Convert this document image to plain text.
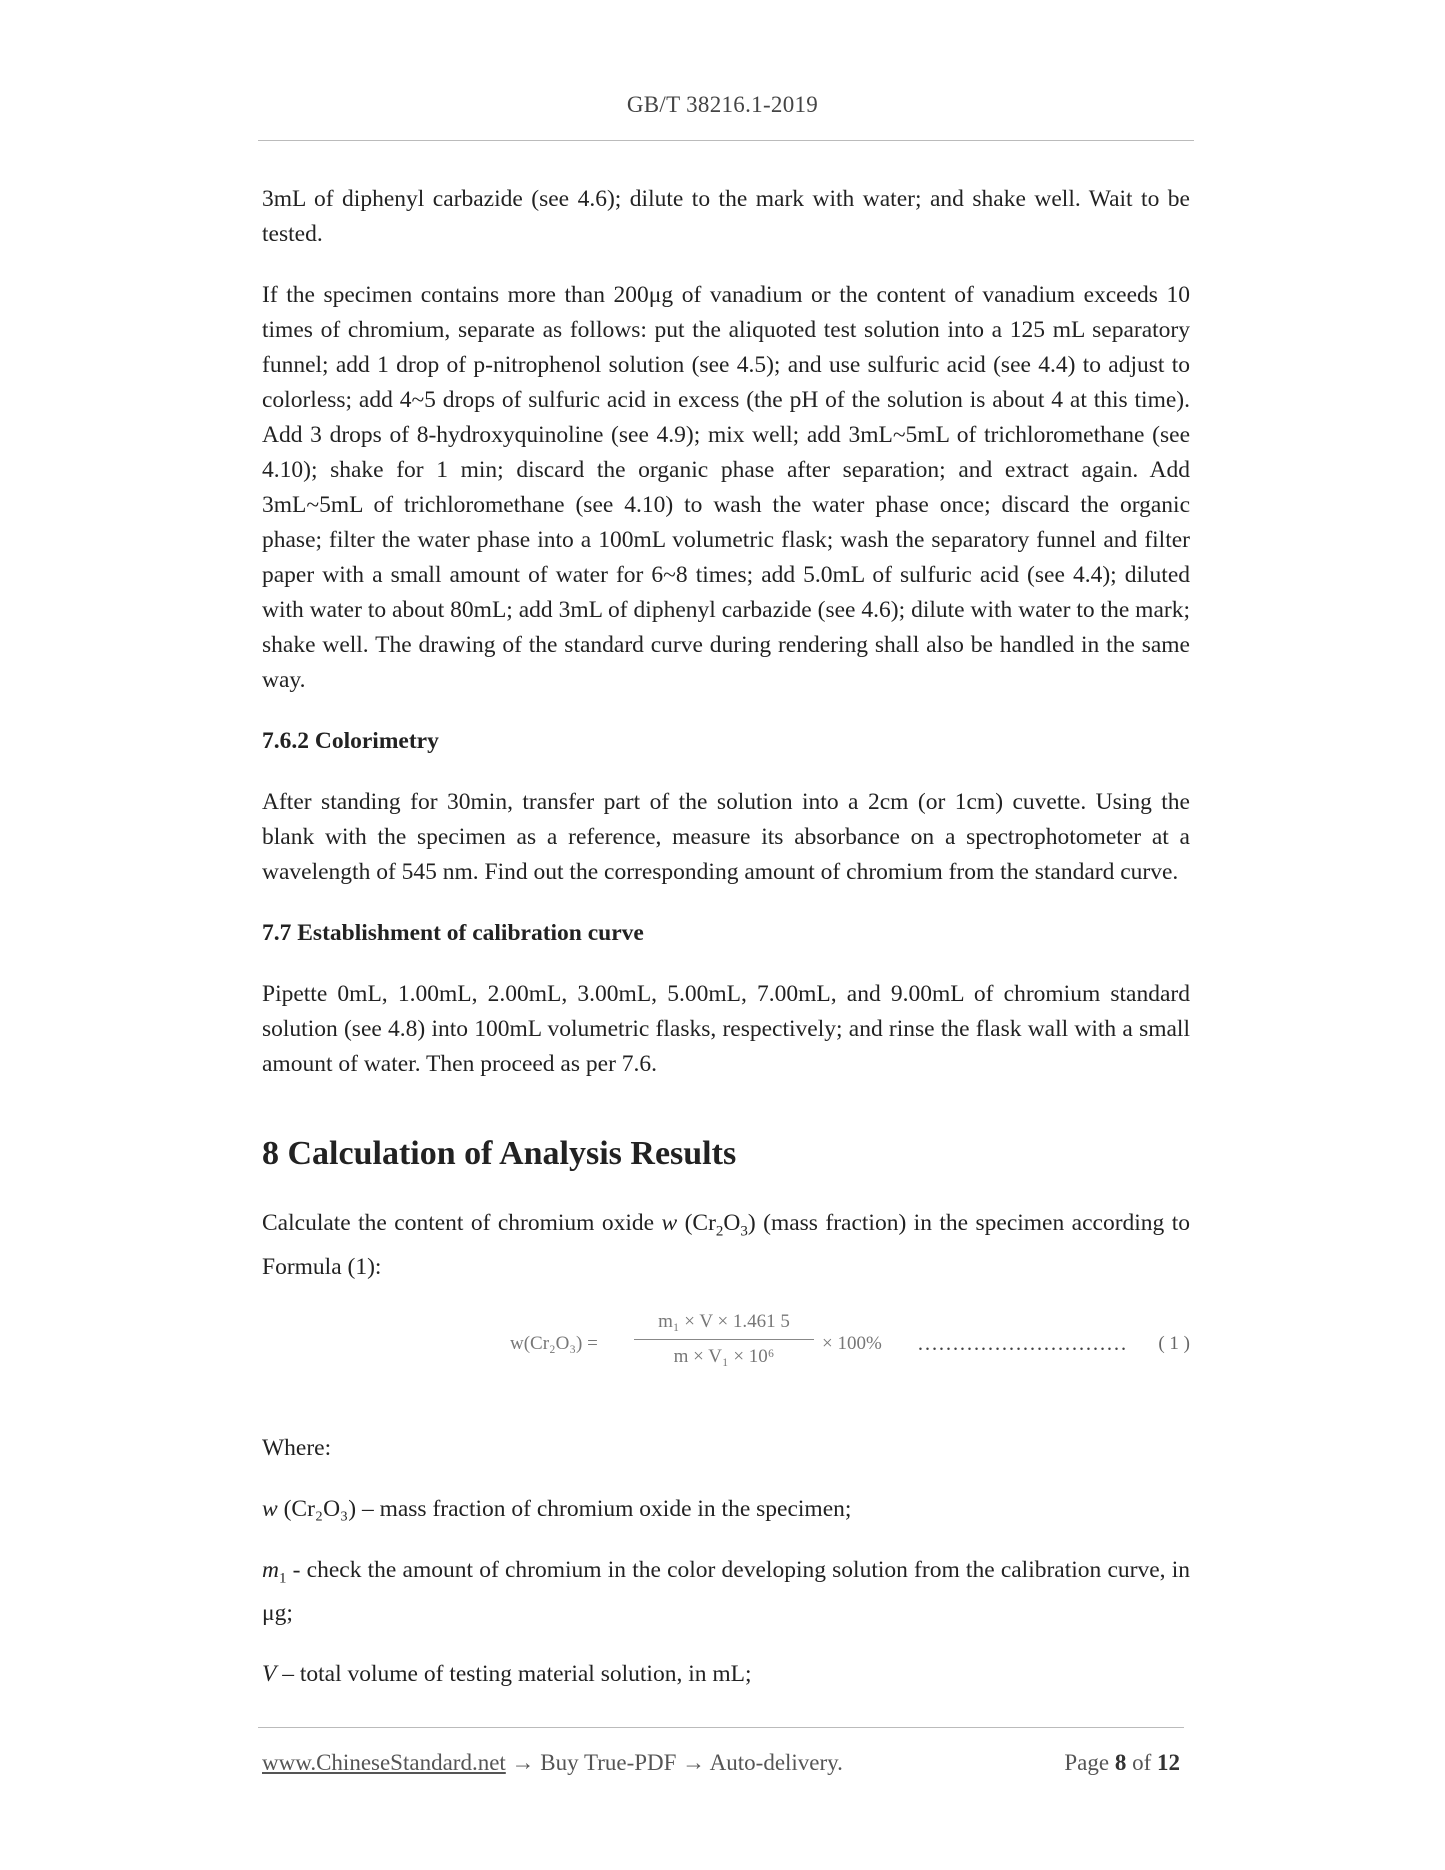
GB/T 38216.1-2019

3mL of diphenyl carbazide (see 4.6); dilute to the mark with water; and shake well. Wait to be tested.

If the specimen contains more than 200μg of vanadium or the content of vanadium exceeds 10 times of chromium, separate as follows: put the aliquoted test solution into a 125 mL separatory funnel; add 1 drop of p-nitrophenol solution (see 4.5); and use sulfuric acid (see 4.4) to adjust to colorless; add 4~5 drops of sulfuric acid in excess (the pH of the solution is about 4 at this time). Add 3 drops of 8-hydroxyquinoline (see 4.9); mix well; add 3mL~5mL of trichloromethane (see 4.10); shake for 1 min; discard the organic phase after separation; and extract again. Add 3mL~5mL of trichloromethane (see 4.10) to wash the water phase once; discard the organic phase; filter the water phase into a 100mL volumetric flask; wash the separatory funnel and filter paper with a small amount of water for 6~8 times; add 5.0mL of sulfuric acid (see 4.4); diluted with water to about 80mL; add 3mL of diphenyl carbazide (see 4.6); dilute with water to the mark; shake well. The drawing of the standard curve during rendering shall also be handled in the same way.

7.6.2 Colorimetry

After standing for 30min, transfer part of the solution into a 2cm (or 1cm) cuvette. Using the blank with the specimen as a reference, measure its absorbance on a spectrophotometer at a wavelength of 545 nm. Find out the corresponding amount of chromium from the standard curve.

7.7 Establishment of calibration curve

Pipette 0mL, 1.00mL, 2.00mL, 3.00mL, 5.00mL, 7.00mL, and 9.00mL of chromium standard solution (see 4.8) into 100mL volumetric flasks, respectively; and rinse the flask wall with a small amount of water. Then proceed as per 7.6.

8 Calculation of Analysis Results

Calculate the content of chromium oxide w $(Cr_2O_3)$ (mass fraction) in the specimen according to Formula (1):

w(Cr₂O₃) =
m₁ × V × 1.461 5
m × V₁ × 10⁶
× 100% ………………………… ( 1 )

Where:

w (Cr₂O₃) – mass fraction of chromium oxide in the specimen;

$m_1$ - check the amount of chromium in the color developing solution from the calibration curve, in μg;

V – total volume of testing material solution, in mL;

www.ChineseStandard.net → Buy True-PDF → Auto-delivery.	Page 8 of 12
